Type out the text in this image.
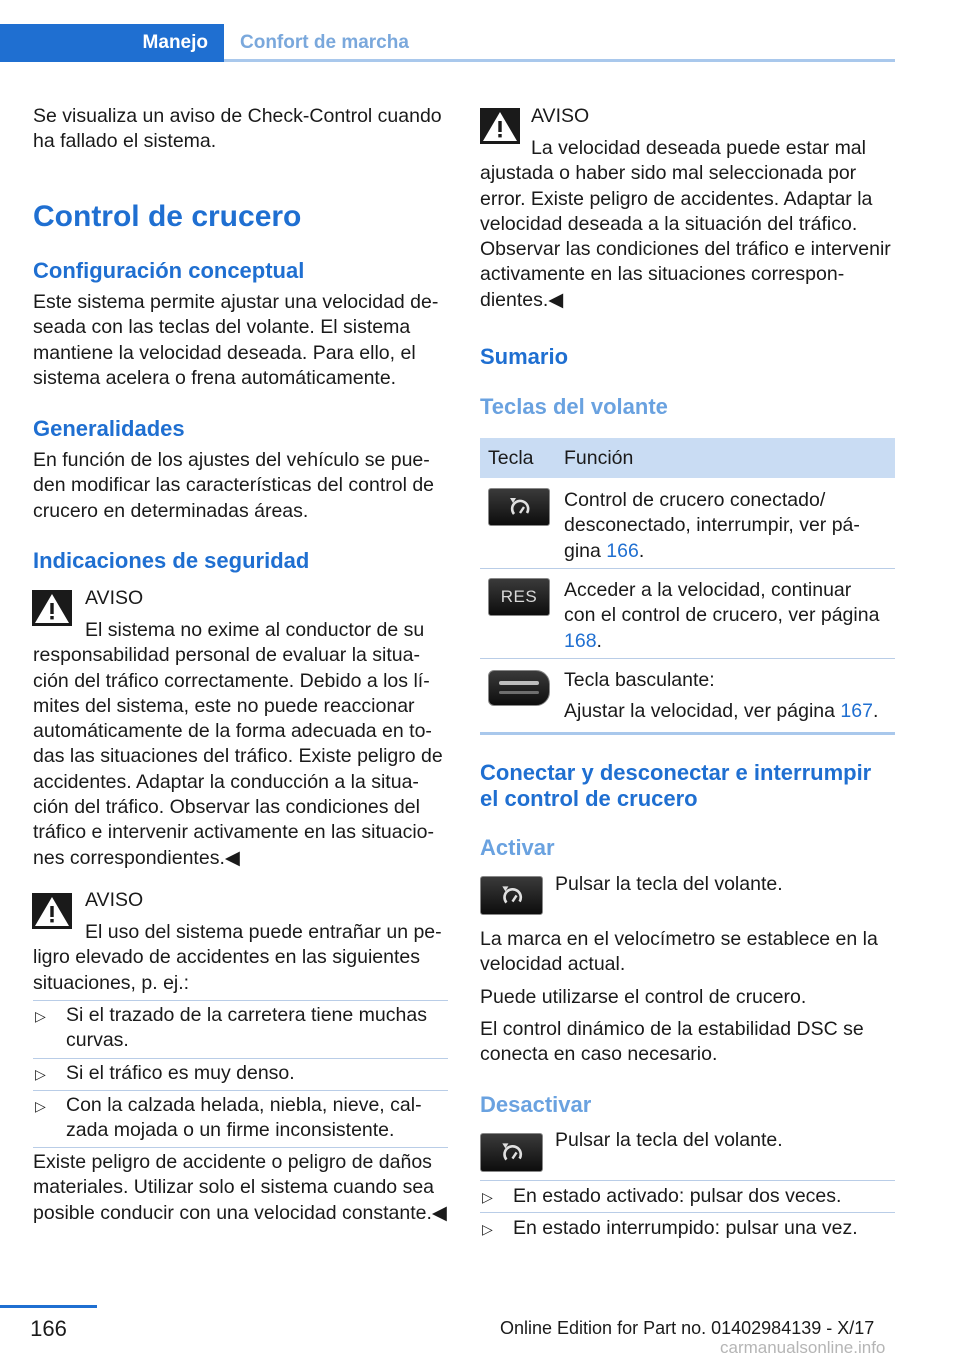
Manejo	Confort de marcha
Se visualiza un aviso de Check-Control cuando ha fallado el sistema.
Control de crucero
Configuración conceptual
Este sistema permite ajustar una velocidad deseada con las teclas del volante. El sistema mantiene la velocidad deseada. Para ello, el sistema acelera o frena automáticamente.
Generalidades
En función de los ajustes del vehículo se pueden modificar las características del control de crucero en determinadas áreas.
Indicaciones de seguridad
AVISO
El sistema no exime al conductor de su responsabilidad personal de evaluar la situación del tráfico correctamente. Debido a los límites del sistema, este no puede reaccionar automáticamente de la forma adecuada en todas las situaciones del tráfico. Existe peligro de accidentes. Adaptar la conducción a la situación del tráfico. Observar las condiciones del tráfico e intervenir activamente en las situaciones correspondientes.◀
AVISO
El uso del sistema puede entrañar un peligro elevado de accidentes en las siguientes situaciones, p. ej.:
▷ Si el trazado de la carretera tiene muchas curvas.
▷ Si el tráfico es muy denso.
▷ Con la calzada helada, niebla, nieve, calzada mojada o un firme inconsistente.
Existe peligro de accidente o peligro de daños materiales. Utilizar solo el sistema cuando sea posible conducir con una velocidad constante.◀
AVISO
La velocidad deseada puede estar mal ajustada o haber sido mal seleccionada por error. Existe peligro de accidentes. Adaptar la velocidad deseada a la situación del tráfico. Observar las condiciones del tráfico e intervenir activamente en las situaciones correspondientes.◀
Sumario
Teclas del volante
Tecla Función
Control de crucero conectado/ desconectado, interrumpir, ver página 166.
RES	Acceder a la velocidad, continuar con el control de crucero, ver página 168.
Tecla basculante:
Ajustar la velocidad, ver página 167.
Conectar y desconectar e interrumpir el control de crucero
Activar
Pulsar la tecla del volante.
La marca en el velocímetro se establece en la velocidad actual.
Puede utilizarse el control de crucero.
El control dinámico de la estabilidad DSC se conecta en caso necesario.
Desactivar
Pulsar la tecla del volante.
▷ En estado activado: pulsar dos veces.
▷ En estado interrumpido: pulsar una vez.
166	Online Edition for Part no. 01402984139 - X/17
carmanualsonline.info
